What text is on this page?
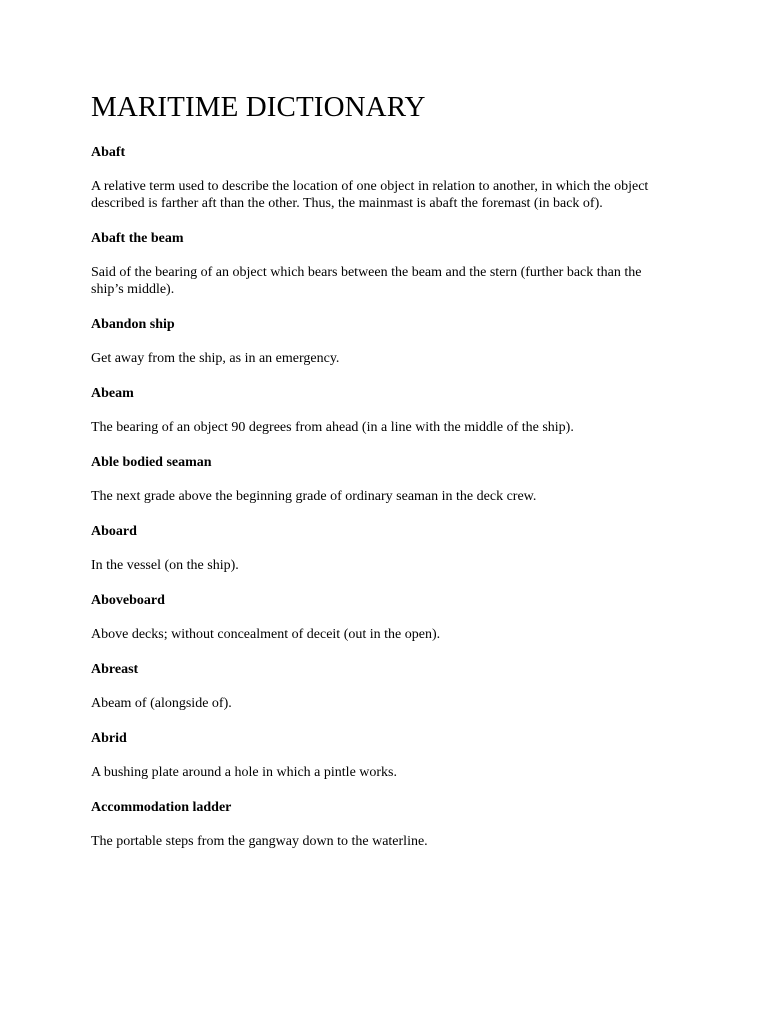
MARITIME DICTIONARY
Abaft
A relative term used to describe the location of one object in relation to another, in which the object described is farther aft than the other. Thus, the mainmast is abaft the foremast (in back of).
Abaft the beam
Said of the bearing of an object which bears between the beam and the stern (further back than the ship’s middle).
Abandon ship
Get away from the ship, as in an emergency.
Abeam
The bearing of an object 90 degrees from ahead (in a line with the middle of the ship).
Able bodied seaman
The next grade above the beginning grade of ordinary seaman in the deck crew.
Aboard
In the vessel (on the ship).
Aboveboard
Above decks; without concealment of deceit (out in the open).
Abreast
Abeam of (alongside of).
Abrid
A bushing plate around a hole in which a pintle works.
Accommodation ladder
The portable steps from the gangway down to the waterline.
